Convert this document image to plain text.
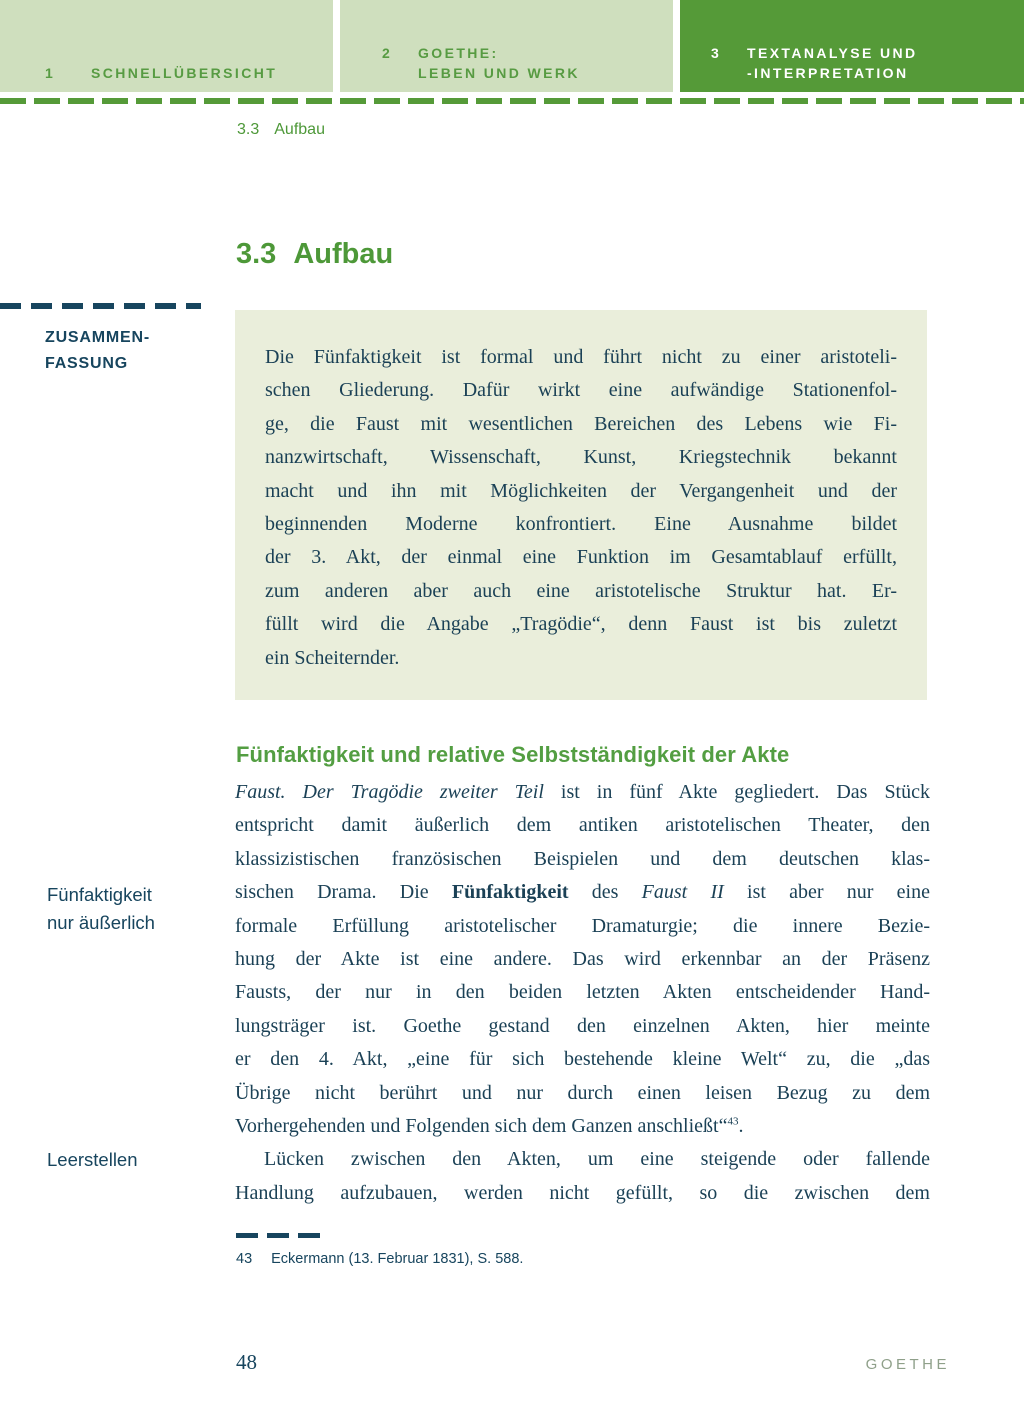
1	SCHNELLÜBERSICHT
2	GOETHE:
LEBEN UND WERK
3	TEXTANALYSE UND
-INTERPRETATION
3.3 Aufbau
3.3 Aufbau
ZUSAMMEN-
FASSUNG	Die Fünfaktigkeit ist formal und führt nicht zu einer aristoteli-
schen Gliederung. Dafür wirkt eine aufwändige Stationenfol-
ge, die Faust mit wesentlichen Bereichen des Lebens wie Fi-
nanzwirtschaft, Wissenschaft, Kunst, Kriegstechnik bekannt
macht und ihn mit Möglichkeiten der Vergangenheit und der
beginnenden Moderne konfrontiert. Eine Ausnahme bildet
der 3. Akt, der einmal eine Funktion im Gesamtablauf erfüllt,
zum anderen aber auch eine aristotelische Struktur hat. Er-
füllt wird die Angabe „Tragödie“, denn Faust ist bis zuletzt
ein Scheiternder.
Fünfaktigkeit und relative Selbstständigkeit der Akte
Fünfaktigkeit
nur äußerlich
Leerstellen
Faust. Der Tragödie zweiter Teil ist in fünf Akte gegliedert. Das Stück
entspricht damit äußerlich dem antiken aristotelischen Theater, den
klassizistischen französischen Beispielen und dem deutschen klas-
sischen Drama. Die Fünfaktigkeit des Faust II ist aber nur eine
formale Erfüllung aristotelischer Dramaturgie; die innere Bezie-
hung der Akte ist eine andere. Das wird erkennbar an der Präsenz
Fausts, der nur in den beiden letzten Akten entscheidender Hand-
lungsträger ist. Goethe gestand den einzelnen Akten, hier meinte
er den 4. Akt, „eine für sich bestehende kleine Welt“ zu, die „das
Übrige nicht berührt und nur durch einen leisen Bezug zu dem
Vorhergehenden und Folgenden sich dem Ganzen anschließt“$^{43}$.
Lücken zwischen den Akten, um eine steigende oder fallende
Handlung aufzubauen, werden nicht gefüllt, so die zwischen dem
43 Eckermann (13. Februar 1831), S. 588.
48	GOETHE
